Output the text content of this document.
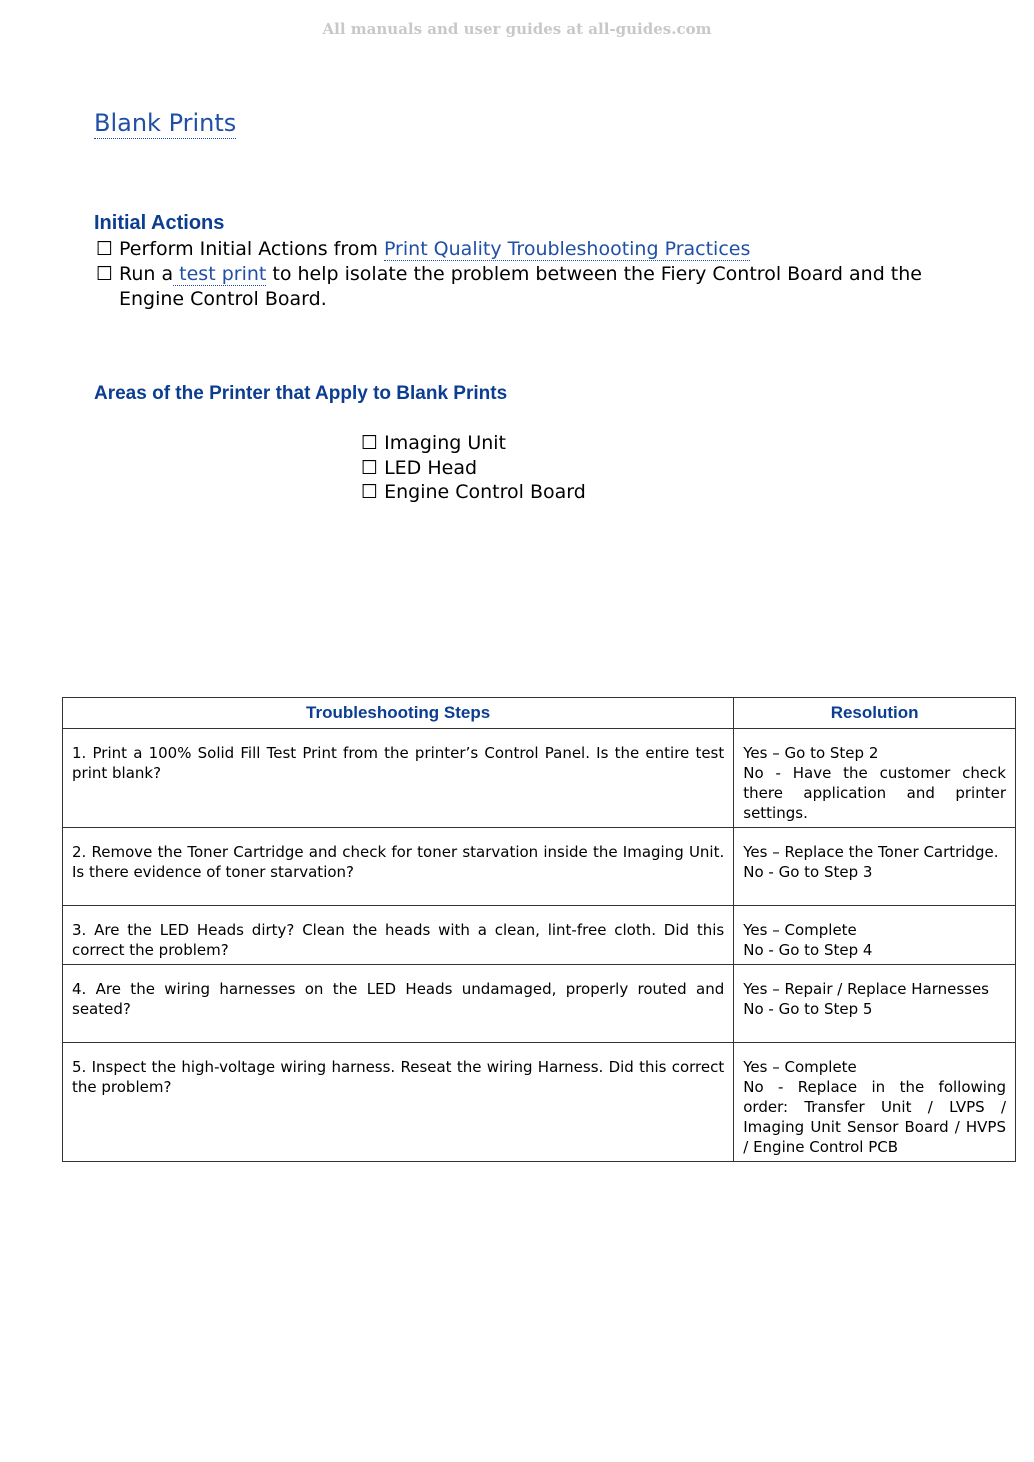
All manuals and user guides at all-guides.com
Blank Prints
Initial Actions
☐ Perform Initial Actions from Print Quality Troubleshooting Practices
☐ Run a test print to help isolate the problem between the Fiery Control Board and the Engine Control Board.
Areas of the Printer that Apply to Blank Prints
☐ Imaging Unit
☐ LED Head
☐ Engine Control Board
Troubleshooting Steps	Resolution
1. Print a 100% Solid Fill Test Print from the printer’s Control Panel. Is the entire test print blank?	Yes – Go to Step 2
No - Have the customer check there application and printer settings.

2. Remove the Toner Cartridge and check for toner starvation inside the Imaging Unit. Is there evidence of toner starvation?	Yes – Replace the Toner Cartridge.
No - Go to Step 3

3. Are the LED Heads dirty? Clean the heads with a clean, lint-free cloth. Did this correct the problem?	Yes – Complete
No - Go to Step 4

4. Are the wiring harnesses on the LED Heads undamaged, properly routed and seated?	Yes – Repair / Replace Harnesses
No - Go to Step 5

5. Inspect the high-voltage wiring harness. Reseat the wiring Harness. Did this correct the problem?	Yes – Complete
No - Replace in the following order: Transfer Unit / LVPS / Imaging Unit Sensor Board / HVPS / Engine Control PCB
